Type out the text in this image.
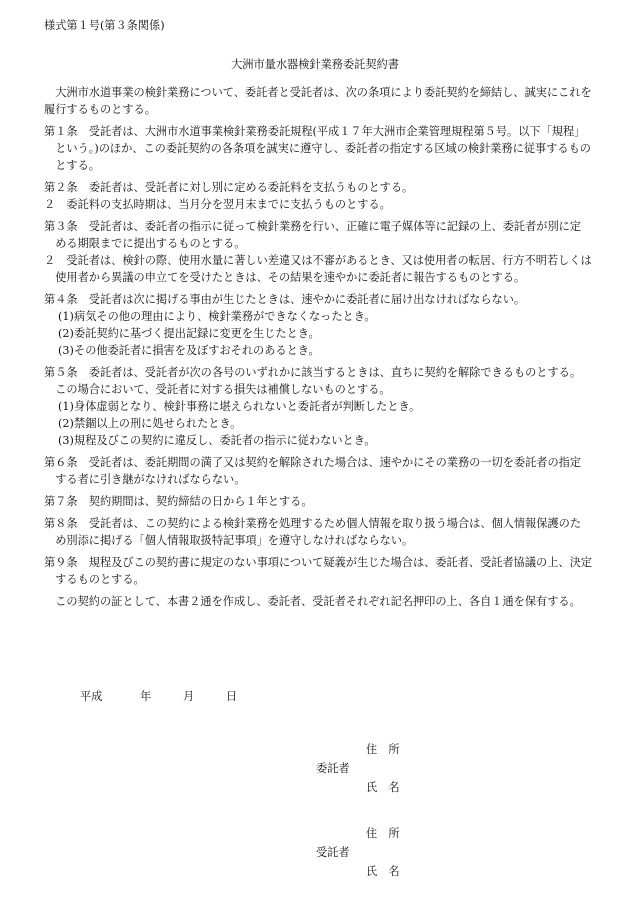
様式第１号(第３条関係)
大洲市量水器検針業務委託契約書

大洲市水道事業の検針業務について、委託者と受託者は、次の条項により委託契約を締結し、誠実にこれを履行するものとする。

第１条　受託者は、大洲市水道事業検針業務委託規程(平成１７年大洲市企業管理規程第５号。以下「規程」という。)のほか、この委託契約の各条項を誠実に遵守し、委託者の指定する区域の検針業務に従事するものとする。

第２条　委託者は、受託者に対し別に定める委託料を支払うものとする。

２　委託料の支払時期は、当月分を翌月末までに支払うものとする。

第３条　受託者は、委託者の指示に従って検針業務を行い、正確に電子媒体等に記録の上、委託者が別に定める期限までに提出するものとする。

２　受託者は、検針の際、使用水量に著しい差違又は不審があるとき、又は使用者の転居、行方不明若しくは使用者から異議の申立てを受けたときは、その結果を速やかに委託者に報告するものとする。

第４条　受託者は次に掲げる事由が生じたときは、速やかに委託者に届け出なければならない。

(1) 病気その他の理由により、検針業務ができなくなったとき。
(2) 委託契約に基づく提出記録に変更を生じたとき。
(3) その他委託者に損害を及ぼすおそれのあるとき。

第５条　委託者は、受託者が次の各号のいずれかに該当するときは、直ちに契約を解除できるものとする。この場合において、受託者に対する損失は補償しないものとする。

(1) 身体虚弱となり、検針事務に堪えられないと委託者が判断したとき。
(2) 禁錮以上の刑に処せられたとき。
(3) 規程及びこの契約に違反し、委託者の指示に従わないとき。

第６条　受託者は、委託期間の満了又は契約を解除された場合は、速やかにその業務の一切を委託者の指定する者に引き継がなければならない。

第７条　契約期間は、契約締結の日から１年とする。

第８条　受託者は、この契約による検針業務を処理するため個人情報を取り扱う場合は、個人情報保護のため別添に掲げる「個人情報取扱特記事項」を遵守しなければならない。

第９条　規程及びこの契約書に規定のない事項について疑義が生じた場合は、委託者、受託者協議の上、決定するものとする。

この契約の証として、本書２通を作成し、委託者、受託者それぞれ記名押印の上、各自１通を保有する。

平成	年	月	日
住　所
委託者
氏　名
住　所
受託者
氏　名
